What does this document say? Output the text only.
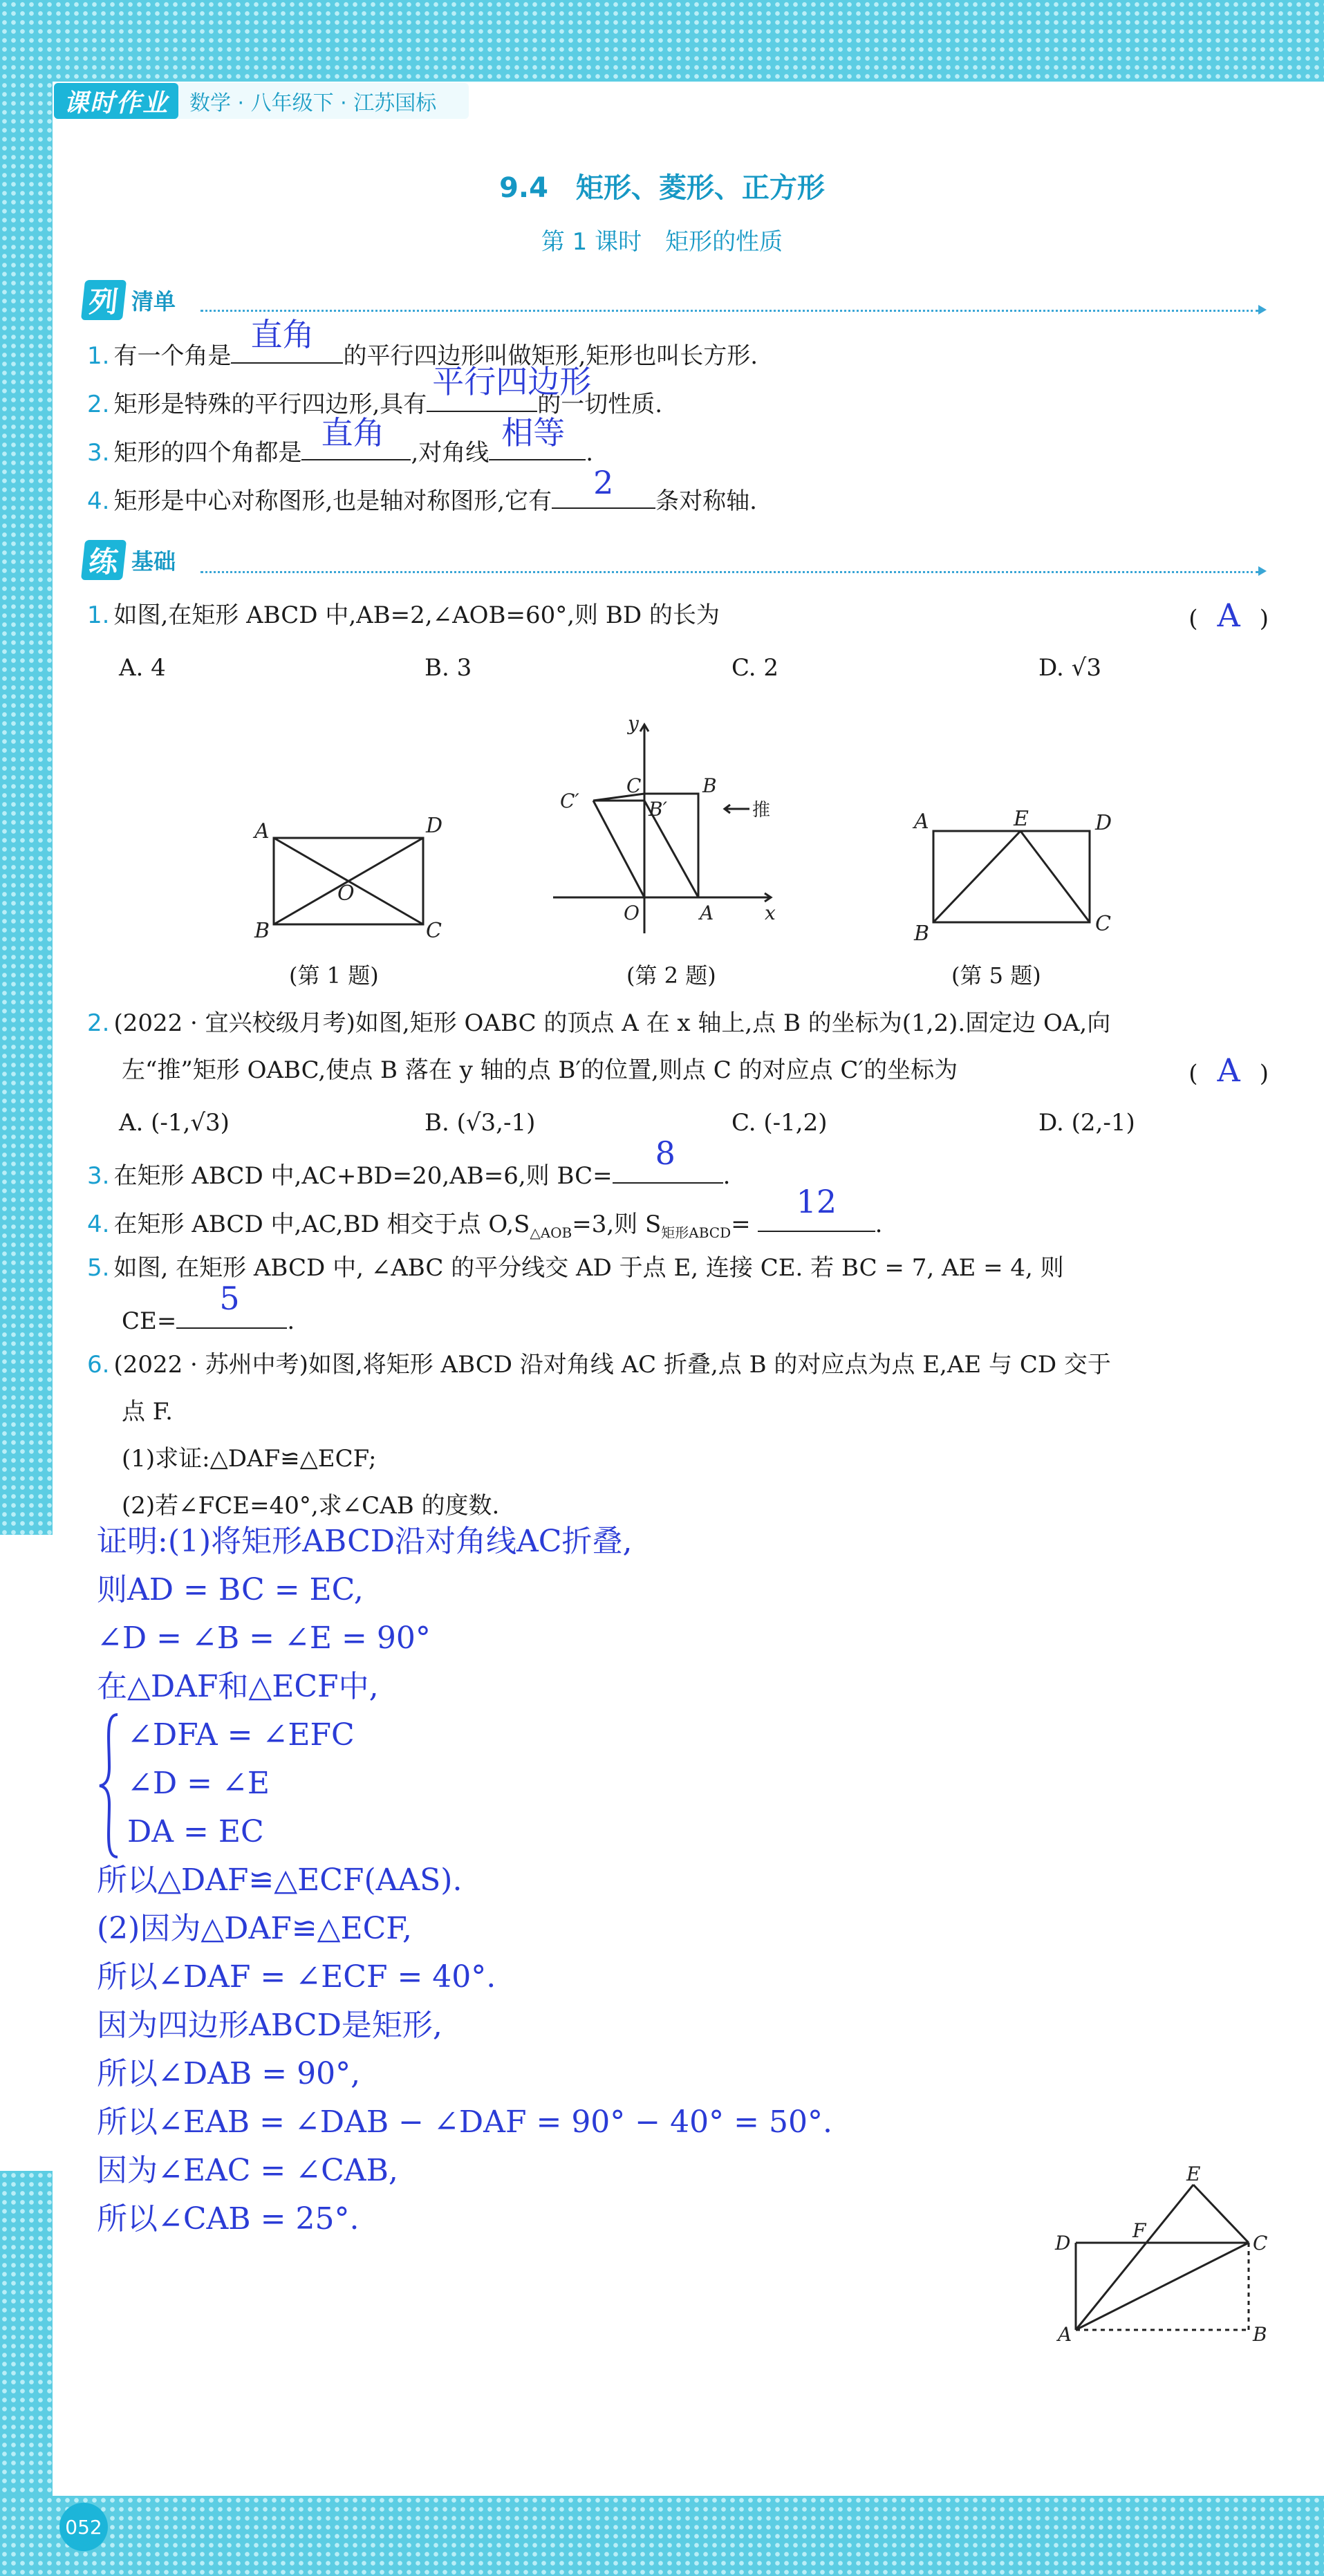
课时作业	数学 · 八年级下 · 江苏国标
9.4　矩形、菱形、正方形
第 1 课时　矩形的性质
列 清单
1. 有一个角是
直角
的平行四边形叫做矩形,矩形也叫长方形.
2. 矩形是特殊的平行四边形,具有
平行四边形
的一切性质.
3. 矩形的四个角都是
直角
,对角线
相等
.
4. 矩形是中心对称图形,也是轴对称图形,它有 2 条对称轴.
练 基础
1. 如图,在矩形 ABCD 中,AB=2,∠AOB=60°,则 BD 的长为	( A )
A. 4	B. 3	C. 2	D. √3
A	D
B	C
O
(第 1 题)
y
x
C	B
C′	B′
O	A
推
(第 2 题)
A	E	D
B	C
(第 5 题)
2. (2022 · 宜兴校级月考)如图,矩形 OABC 的顶点 A 在 x 轴上,点 B 的坐标为(1,2).固定边 OA,向
左“推”矩形 OABC,使点 B 落在 y 轴的点 B′的位置,则点 C 的对应点 C′的坐标为	( A )
A. (-1,√3)	B. (√3,-1)	C. (-1,2)	D. (2,-1)
3. 在矩形 ABCD 中,AC+BD=20,AB=6,则 BC=
8
.
4. 在矩形 ABCD 中,AC,BD 相交于点 $O,S_{\triangle AOB}=3$,则 $S_{矩形ABCD}=$
12
.
5. 如图, 在矩形 ABCD 中, ∠ABC 的平分线交 AD 于点 E, 连接 CE. 若 BC = 7, AE = 4, 则
CE=
5
.
6. (2022 · 苏州中考)如图,将矩形 ABCD 沿对角线 AC 折叠,点 B 的对应点为点 E,AE 与 CD 交于
点 F.
(1)求证:△DAF≌△ECF;
(2)若∠FCE=40°,求∠CAB 的度数.
证明:(1)将矩形ABCD沿对角线AC折叠,
则AD = BC = EC,
∠D = ∠B = ∠E = 90°
在△DAF和△ECF中,
∠DFA = ∠EFC
∠D = ∠E
DA = EC
所以△DAF≌△ECF(AAS).
(2)因为△DAF≌△ECF,
所以∠DAF = ∠ECF = 40°.
因为四边形ABCD是矩形,
所以∠DAB = 90°,
所以∠EAB = ∠DAB − ∠DAF = 90° − 40° = 50°.
因为∠EAC = ∠CAB,
所以∠CAB = 25°.
E
D
F
C
A	B
052
